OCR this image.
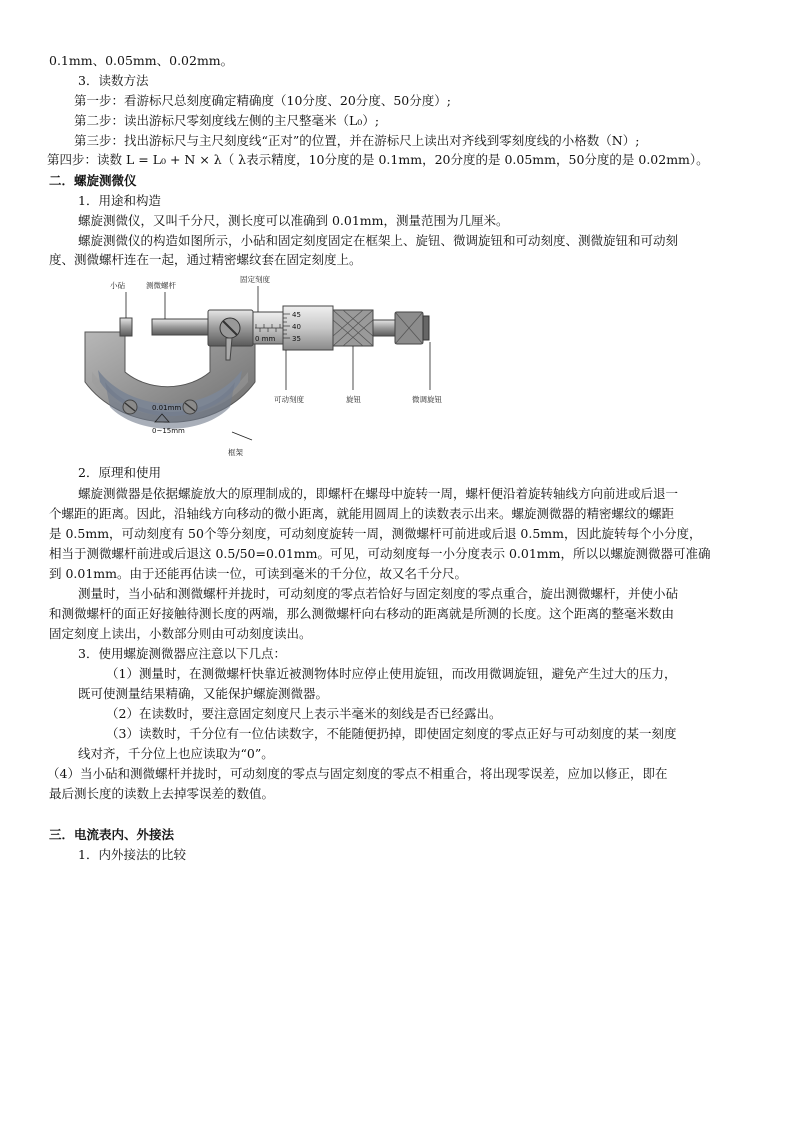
0.1mm、0.05mm、0.02mm。
3．读数方法
第一步：看游标尺总刻度确定精确度（10分度、20分度、50分度）;
第二步：读出游标尺零刻度线左侧的主尺整毫米（L₀）;
第三步：找出游标尺与主尺刻度线“正对”的位置，并在游标尺上读出对齐线到零刻度线的小格数（N）;
第四步：读数 L = L₀ + N × λ（ λ表示精度，10分度的是 0.1mm，20分度的是 0.05mm，50分度的是 0.02mm）。
二．螺旋测微仪
1．用途和构造
螺旋测微仪，又叫千分尺，测长度可以准确到 0.01mm，测量范围为几厘米。
螺旋测微仪的构造如图所示，小砧和固定刻度固定在框架上、旋钮、微调旋钮和可动刻度、测微旋钮和可动刻
度、测微螺杆连在一起，通过精密螺纹套在固定刻度上。
0.01mm
0~15mm
0 mm
45
40
35
小砧	测微螺杆
固定刻度
可动刻度	旋钮	微调旋钮
框架
2．原理和使用
螺旋测微器是依据螺旋放大的原理制成的，即螺杆在螺母中旋转一周，螺杆便沿着旋转轴线方向前进或后退一
个螺距的距离。因此，沿轴线方向移动的微小距离，就能用圆周上的读数表示出来。螺旋测微器的精密螺纹的螺距
是 0.5mm，可动刻度有 50个等分刻度，可动刻度旋转一周，测微螺杆可前进或后退 0.5mm，因此旋转每个小分度，
相当于测微螺杆前进或后退这 0.5/50=0.01mm。可见，可动刻度每一小分度表示 0.01mm，所以以螺旋测微器可准确
到 0.01mm。由于还能再估读一位，可读到毫米的千分位，故又名千分尺。
测量时，当小砧和测微螺杆并拢时，可动刻度的零点若恰好与固定刻度的零点重合，旋出测微螺杆，并使小砧
和测微螺杆的面正好接触待测长度的两端，那么测微螺杆向右移动的距离就是所测的长度。这个距离的整毫米数由
固定刻度上读出，小数部分则由可动刻度读出。
3．使用螺旋测微器应注意以下几点：
（1）测量时，在测微螺杆快靠近被测物体时应停止使用旋钮，而改用微调旋钮，避免产生过大的压力，
既可使测量结果精确，又能保护螺旋测微器。
（2）在读数时，要注意固定刻度尺上表示半毫米的刻线是否已经露出。
（3）读数时，千分位有一位估读数字，不能随便扔掉，即使固定刻度的零点正好与可动刻度的某一刻度
线对齐，千分位上也应读取为“0”。
（4）当小砧和测微螺杆并拢时，可动刻度的零点与固定刻度的零点不相重合，将出现零误差，应加以修正，即在
最后测长度的读数上去掉零误差的数值。
三．电流表内、外接法
1．内外接法的比较
